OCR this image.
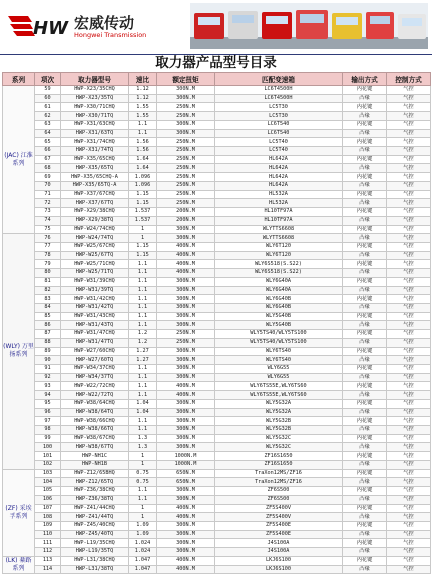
HW 宏威传动
Hongwei Transmission
取力器产品型号目录
系列	项次	取力器型号	速比	额定扭矩	匹配变速箱	输出方式	控制方式
(JAC) 江淮系列	59	HWP-X23/35CHQ	1.12	300N.M	LC6T4500H	内花键	气控
	60	HWP-X23/35TQ	1.12	300N.M	LC6T4500H	凸缘	气控
	61	HWP-X30/71CHQ	1.55	250N.M	LC5T30	内花键	气控
	62	HWP-X30/71TQ	1.55	250N.M	LC5T30	凸缘	气控
	63	HWP-X31/63CHQ	1.1	300N.M	LC6T540	内花键	气控
	64	HWP-X31/63TQ	1.1	300N.M	LC6T540	凸缘	气控
	65	HWP-X31/74CHQ	1.56	250N.M	LC5T40	内花键	气控
	66	HWP-X31/74TQ	1.56	250N.M	LC5T40	凸缘	气控
	67	HWP-X35/65CHQ	1.64	250N.M	HL642A	内花键	气控
	68	HWP-X35/65TQ	1.64	250N.M	HL642A	凸缘	气控
	69	HWP-X35/65CHQ-A	1.096	250N.M	HL642A	内花键	气控
	70	HWP-X35/65TQ-A	1.096	250N.M	HL642A	凸缘	气控
	71	HWP-X37/67CHQ	1.15	250N.M	HL532A	内花键	气控
	72	HWP-X37/67TQ	1.15	250N.M	HL532A	凸缘	气控
	73	HWP-X29/38CHQ	1.537	200N.M	HL10TF97A	内花键	气控
	74	HWP-X29/38TQ	1.537	200N.M	HL10TF97A	凸缘	气控
	75	HWP-W24/74CHQ	1	300N.M	WLYTTS6608	内花键	气控
(WLY) 万里扬系列	76	HWP-W24/74TQ	1	300N.M	WLYTTS6608	凸缘	气控
	77	HWP-W25/67CHQ	1.15	400N.M	WLY6T120	内花键	气控
	78	HWP-W25/67TQ	1.15	400N.M	WLY6T120	凸缘	气控
	79	HWP-W25/71CHQ	1.1	400N.M	WLY6S518(S.S22)	内花键	气控
	80	HWP-W25/71TQ	1.1	400N.M	WLY6S518(S.S22)	凸缘	气控
	81	HWP-W31/39CHQ	1.1	300N.M	WLY6G40A	内花键	气控
	82	HWP-W31/39TQ	1.1	300N.M	WLY6G40A	凸缘	气控
	83	HWP-W31/42CHQ	1.1	300N.M	WLY6G40B	内花键	气控
	84	HWP-W31/42TQ	1.1	300N.M	WLY6G40B	凸缘	气控
	85	HWP-W31/43CHQ	1.1	300N.M	WLY5G40B	内花键	气控
	86	HWP-W31/43TQ	1.1	300N.M	WLY5G40B	凸缘	气控
	87	HWP-W31/47CHQ	1.2	250N.M	WLY5TS40/WLY5TS100	内花键	气控
	88	HWP-W31/47TQ	1.2	250N.M	WLY5TS40/WLY5TS100	凸缘	气控
	89	HWP-W27/60CHQ	1.27	300N.M	WLY6TS40	内花键	气控
	90	HWP-W27/60TQ	1.27	300N.M	WLY6TS40	凸缘	气控
	91	HWP-W34/37CHQ	1.1	300N.M	WLY6G55	内花键	气控
	92	HWP-W34/37TQ	1.1	300N.M	WLY6G55	凸缘	气控
	93	HWP-W22/72CHQ	1.1	400N.M	WLY6TS55E,WLY6TS60	内花键	气控
	94	HWP-W22/72TQ	1.1	400N.M	WLY6TS55E,WLY6TS60	凸缘	气控
	95	HWP-W38/64CHQ	1.04	300N.M	WLY5G32A	内花键	气控
	96	HWP-W38/64TQ	1.04	300N.M	WLY5G32A	凸缘	气控
	97	HWP-W38/66CHQ	1.1	300N.M	WLY5G32B	内花键	气控
	98	HWP-W38/66TQ	1.1	300N.M	WLY5G32B	凸缘	气控
	99	HWP-W38/67CHQ	1.3	300N.M	WLY5G32C	内花键	气控
	100	HWP-W38/67TQ	1.3	300N.M	WLY5G32C	凸缘	气控
	101	HWP-NH1C	1	1000N.M	ZF16S1650	内花键	气控
	102	HWP-NH1B	1	1000N.M	ZF16S1650	凸缘	气控
(ZF) 采埃孚系列	103	HWP-Z12/65BHQ	0.75	650N.M	TraXon12MS/ZF16	内花键	气控
	104	HWP-Z12/65TQ	0.75	650N.M	TraXon12MS/ZF16	凸缘	气控
	105	HWP-Z36/38CHQ	1.1	300N.M	ZF6S500	内花键	气控
	106	HWP-Z36/38TQ	1.1	300N.M	ZF6S500	凸缘	气控
	107	HWP-Z41/44CHQ	1	400N.M	ZF5S400V	内花键	气控
	108	HWP-Z41/44TQ	1	400N.M	ZF5S400V	凸缘	气控
	109	HWP-Z45/40CHQ	1.09	300N.M	ZF5S400E	内花键	气控
	110	HWP-Z45/40TQ	1.09	300N.M	ZF5S400E	凸缘	气控
	111	HWP-L19/35CHQ	1.024	300N.M	J4S100A	内花键	气控
	112	HWP-L19/35TQ	1.024	300N.M	J4S100A	凸缘	气控
(LK) 綦路系列	113	HWP-L31/38CHQ	1.047	400N.M	LKJ6S100	内花键	气控
	114	HWP-L31/38TQ	1.047	400N.M	LKJ6S100	凸缘	气控
